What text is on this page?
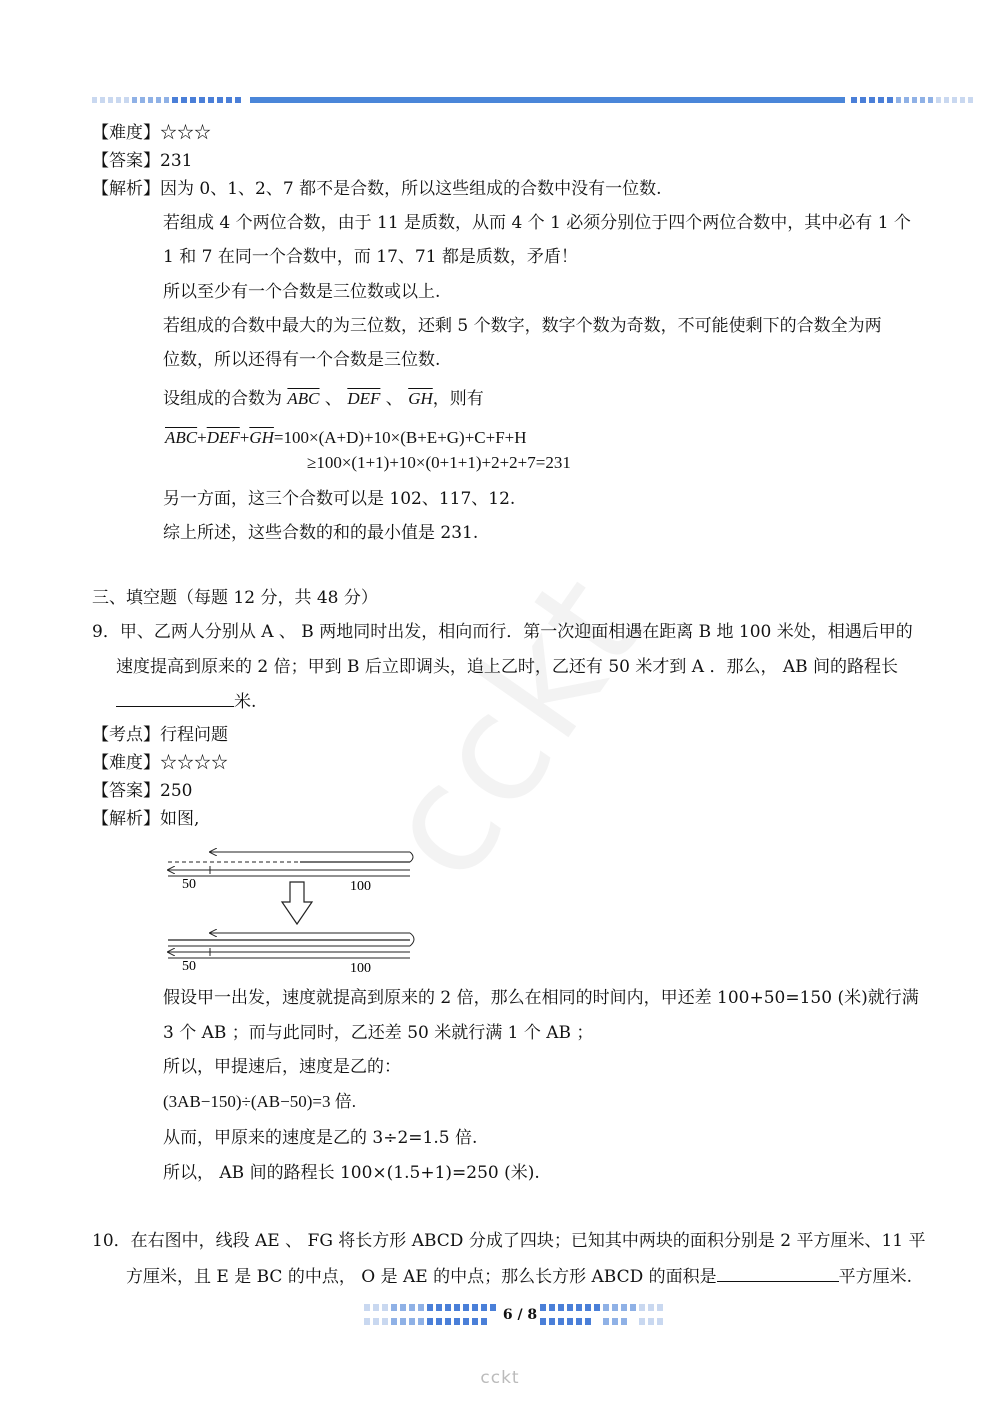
【难度】☆☆☆
【答案】231
【解析】因为 0、1、2、7 都不是合数，所以这些组成的合数中没有一位数.
若组成 4 个两位合数，由于 11 是质数，从而 4 个 1 必须分别位于四个两位合数中，其中必有 1 个
1 和 7 在同一个合数中，而 17、71 都是质数，矛盾！
所以至少有一个合数是三位数或以上.
若组成的合数中最大的为三位数，还剩 5 个数字，数字个数为奇数，不可能使剩下的合数全为两
位数，所以还得有一个合数是三位数.
设组成的合数为 $\overline{ABC}$ 、 $\overline{DEF}$ 、 $\overline{GH}$，则有
$\overline{ABC}+\overline{DEF}+\overline{GH}=100\times(A+D)+10\times(B+E+G)+C+F+H$
≥100×(1+1)+10×(0+1+1)+2+2+7=231
另一方面，这三个合数可以是 102、117、12.
综上所述，这些合数的和的最小值是 231.
三、填空题（每题 12 分，共 48 分）
9．甲、乙两人分别从 A 、 B 两地同时出发，相向而行．第一次迎面相遇在距离 B 地 100 米处，相遇后甲的
速度提高到原来的 2 倍；甲到 B 后立即调头，追上乙时，乙还有 50 米才到 A ．那么， AB 间的路程长
米.
【考点】行程问题
【难度】☆☆☆☆
【答案】250
【解析】如图,
50	100
50	100
假设甲一出发，速度就提高到原来的 2 倍，那么在相同的时间内，甲还差 100+50=150 (米)就行满
3 个 AB ；而与此同时，乙还差 50 米就行满 1 个 AB ；
所以，甲提速后，速度是乙的：
(3AB−150)÷(AB−50)=3 倍.
从而，甲原来的速度是乙的 3÷2=1.5 倍.
所以， AB 间的路程长 100×(1.5+1)=250 (米).
10．在右图中，线段 AE 、 FG 将长方形 ABCD 分成了四块；已知其中两块的面积分别是 2 平方厘米、11 平
方厘米，且 E 是 BC 的中点， O 是 AE 的中点；那么长方形 ABCD 的面积是	平方厘米.
6 / 8
cckt
